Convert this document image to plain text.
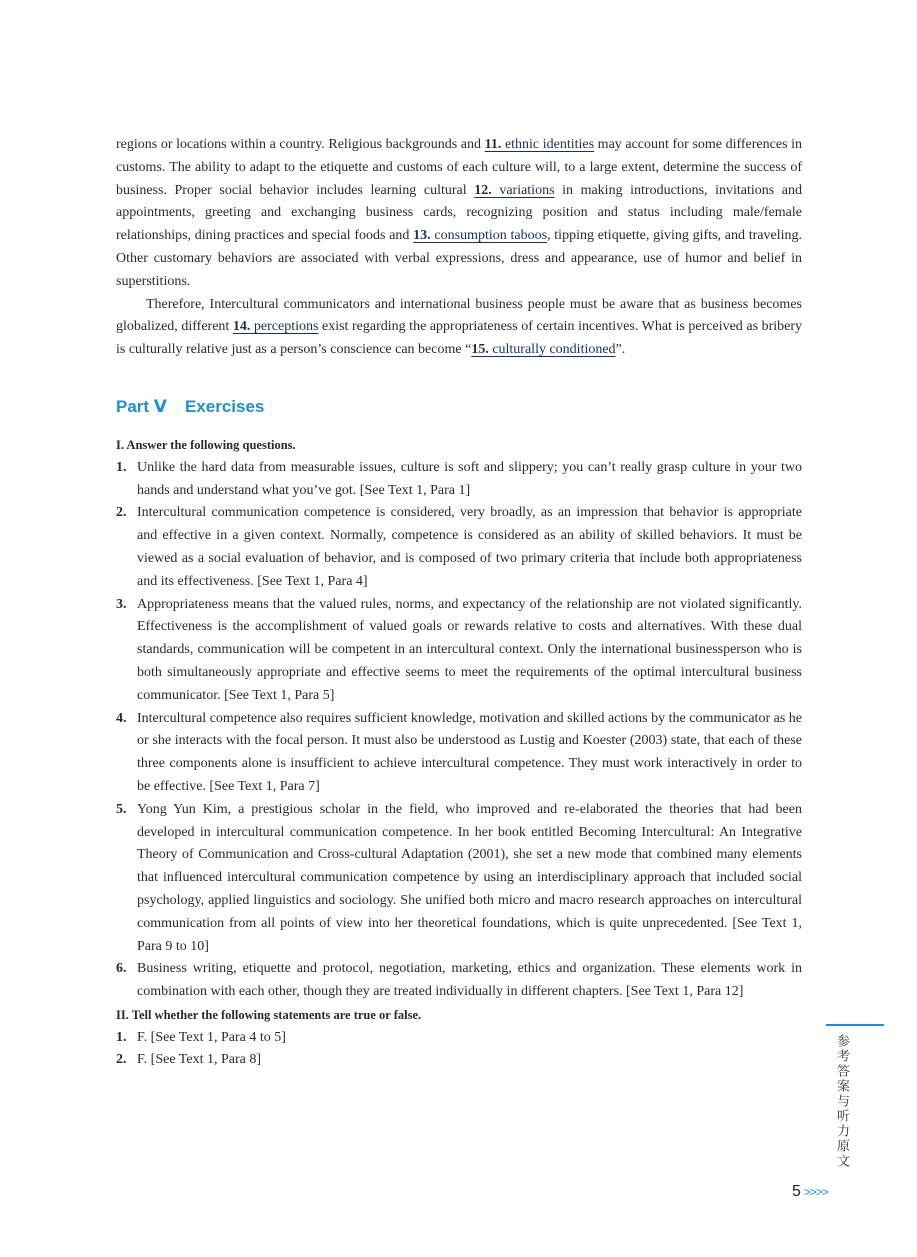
regions or locations within a country. Religious backgrounds and 11. ethnic identities may account for some differences in customs. The ability to adapt to the etiquette and customs of each culture will, to a large extent, determine the success of business. Proper social behavior includes learning cultural 12. variations in making introductions, invitations and appointments, greeting and exchanging business cards, recognizing position and status including male/female relationships, dining practices and special foods and 13. consumption taboos, tipping etiquette, giving gifts, and traveling. Other customary behaviors are associated with verbal expressions, dress and appearance, use of humor and belief in superstitions.

Therefore, Intercultural communicators and international business people must be aware that as business becomes globalized, different 14. perceptions exist regarding the appropriateness of certain incentives. What is perceived as bribery is culturally relative just as a person’s conscience can become “15. culturally conditioned”.

Part Ⅴ Exercises
I. Answer the following questions.
1. Unlike the hard data from measurable issues, culture is soft and slippery; you can’t really grasp culture in your two hands and understand what you’ve got. [See Text 1, Para 1]
2. Intercultural communication competence is considered, very broadly, as an impression that behavior is appropriate and effective in a given context. Normally, competence is considered as an ability of skilled behaviors. It must be viewed as a social evaluation of behavior, and is composed of two primary criteria that include both appropriateness and its effectiveness. [See Text 1, Para 4]
3. Appropriateness means that the valued rules, norms, and expectancy of the relationship are not violated significantly. Effectiveness is the accomplishment of valued goals or rewards relative to costs and alternatives. With these dual standards, communication will be competent in an intercultural context. Only the international businessperson who is both simultaneously appropriate and effective seems to meet the requirements of the optimal intercultural business communicator. [See Text 1, Para 5]
4. Intercultural competence also requires sufficient knowledge, motivation and skilled actions by the communicator as he or she interacts with the focal person. It must also be understood as Lustig and Koester (2003) state, that each of these three components alone is insufficient to achieve intercultural competence. They must work interactively in order to be effective. [See Text 1, Para 7]
5. Yong Yun Kim, a prestigious scholar in the field, who improved and re-elaborated the theories that had been developed in intercultural communication competence. In her book entitled Becoming Intercultural: An Integrative Theory of Communication and Cross-cultural Adaptation (2001), she set a new mode that combined many elements that influenced intercultural communication competence by using an interdisciplinary approach that included social psychology, applied linguistics and sociology. She unified both micro and macro research approaches on intercultural communication from all points of view into her theoretical foundations, which is quite unprecedented. [See Text 1, Para 9 to 10]
6. Business writing, etiquette and protocol, negotiation, marketing, ethics and organization. These elements work in combination with each other, though they are treated individually in different chapters. [See Text 1, Para 12]
II. Tell whether the following statements are true or false.
1. F. [See Text 1, Para 4 to 5]
2. F. [See Text 1, Para 8]	参考答案与听力原文
5 >>>>
